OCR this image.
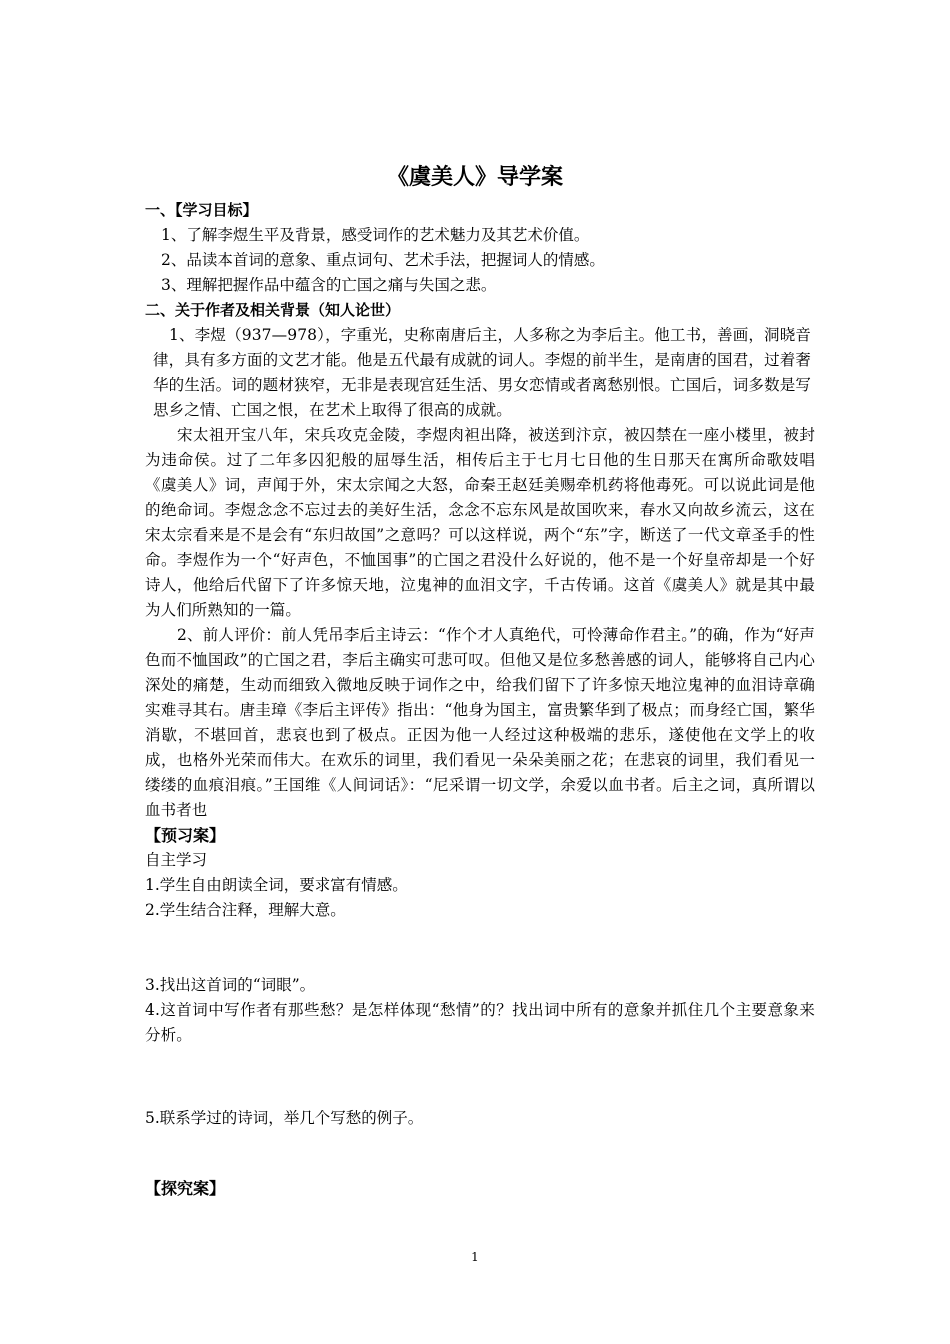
《虞美人》导学案
一、【学习目标】
1、了解李煜生平及背景，感受词作的艺术魅力及其艺术价值。
2、品读本首词的意象、重点词句、艺术手法，把握词人的情感。
3、理解把握作品中蕴含的亡国之痛与失国之悲。
二、关于作者及相关背景（知人论世）
1、李煜（937—978），字重光，史称南唐后主，人多称之为李后主。他工书，善画，洞晓音律，具有多方面的文艺才能。他是五代最有成就的词人。李煜的前半生，是南唐的国君，过着奢华的生活。词的题材狭窄，无非是表现宫廷生活、男女恋情或者离愁别恨。亡国后，词多数是写思乡之情、亡国之恨，在艺术上取得了很高的成就。
宋太祖开宝八年，宋兵攻克金陵，李煜肉袒出降，被送到汴京，被囚禁在一座小楼里，被封为违命侯。过了二年多囚犯般的屈辱生活，相传后主于七月七日他的生日那天在寓所命歌妓唱《虞美人》词，声闻于外，宋太宗闻之大怒，命秦王赵廷美赐牵机药将他毒死。可以说此词是他的绝命词。李煜念念不忘过去的美好生活，念念不忘东风是故国吹来，春水又向故乡流云，这在宋太宗看来是不是会有“东归故国”之意吗？可以这样说，两个“东”字，断送了一代文章圣手的性命。李煜作为一个“好声色，不恤国事”的亡国之君没什么好说的，他不是一个好皇帝却是一个好诗人，他给后代留下了许多惊天地，泣鬼神的血泪文字，千古传诵。这首《虞美人》就是其中最为人们所熟知的一篇。
2、前人评价：前人凭吊李后主诗云：“作个才人真绝代，可怜薄命作君主。”的确，作为“好声色而不恤国政”的亡国之君，李后主确实可悲可叹。但他又是位多愁善感的词人，能够将自己内心深处的痛楚，生动而细致入微地反映于词作之中，给我们留下了许多惊天地泣鬼神的血泪诗章确实难寻其右。唐圭璋《李后主评传》指出：“他身为国主，富贵繁华到了极点；而身经亡国，繁华消歇，不堪回首，悲哀也到了极点。正因为他一人经过这种极端的悲乐，遂使他在文学上的收成，也格外光荣而伟大。在欢乐的词里，我们看见一朵朵美丽之花；在悲哀的词里，我们看见一缕缕的血痕泪痕。”王国维《人间词话》：“尼采谓一切文学，余爱以血书者。后主之词，真所谓以血书者也
【预习案】
自主学习
1.学生自由朗读全词，要求富有情感。
2.学生结合注释，理解大意。
3.找出这首词的“词眼”。
4.这首词中写作者有那些愁？是怎样体现“愁情”的？找出词中所有的意象并抓住几个主要意象来分析。
5.联系学过的诗词，举几个写愁的例子。
【探究案】
1
